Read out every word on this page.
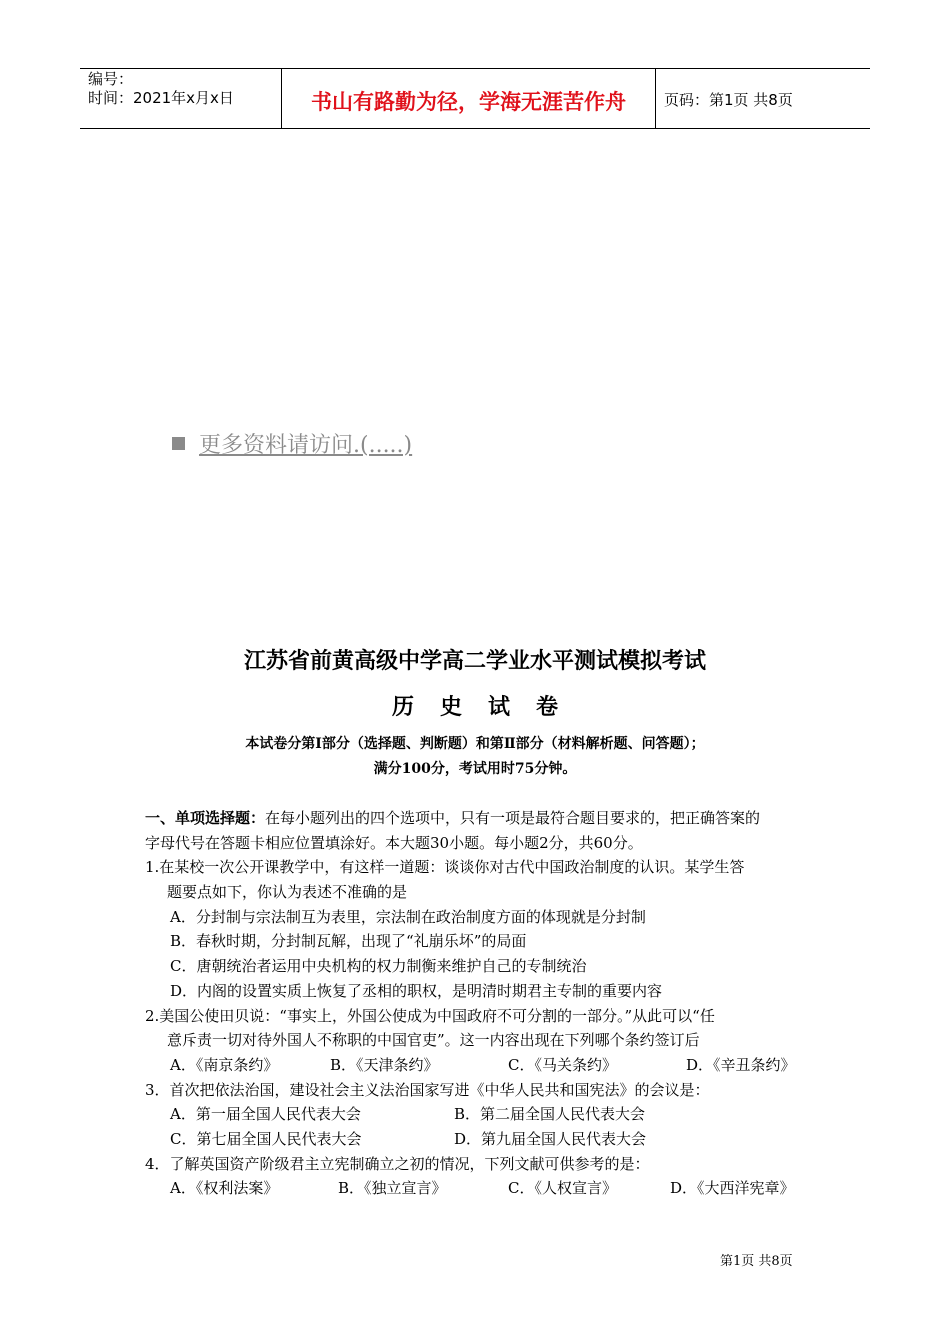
编号：
时间：2021年x月x日	书山有路勤为径，学海无涯苦作舟	页码：第1页 共8页
更多资料请访问.(.....)
江苏省前黄高级中学高二学业水平测试模拟考试
历史试卷
本试卷分第Ⅰ部分（选择题、判断题）和第Ⅱ部分（材料解析题、问答题）；
满分100分，考试用时75分钟。
一、单项选择题：在每小题列出的四个选项中，只有一项是最符合题目要求的，把正确答案的
字母代号在答题卡相应位置填涂好。本大题30小题。每小题2分，共60分。
1.在某校一次公开课教学中，有这样一道题：谈谈你对古代中国政治制度的认识。某学生答
题要点如下，你认为表述不准确的是
A．分封制与宗法制互为表里，宗法制在政治制度方面的体现就是分封制
B．春秋时期，分封制瓦解，出现了“礼崩乐坏”的局面
C．唐朝统治者运用中央机构的权力制衡来维护自己的专制统治
D．内阁的设置实质上恢复了丞相的职权，是明清时期君主专制的重要内容
2.美国公使田贝说：“事实上，外国公使成为中国政府不可分割的一部分。”从此可以“任
意斥责一切对待外国人不称职的中国官吏”。这一内容出现在下列哪个条约签订后
A．《南京条约》	B．《天津条约》	C．《马关条约》	D．《辛丑条约》
3．首次把依法治国，建设社会主义法治国家写进《中华人民共和国宪法》的会议是：
A．第一届全国人民代表大会	B．第二届全国人民代表大会
C．第七届全国人民代表大会	D．第九届全国人民代表大会
4．了解英国资产阶级君主立宪制确立之初的情况，下列文献可供参考的是：
A．《权利法案》	B．《独立宣言》	C．《人权宣言》	D．《大西洋宪章》
第1页 共8页
